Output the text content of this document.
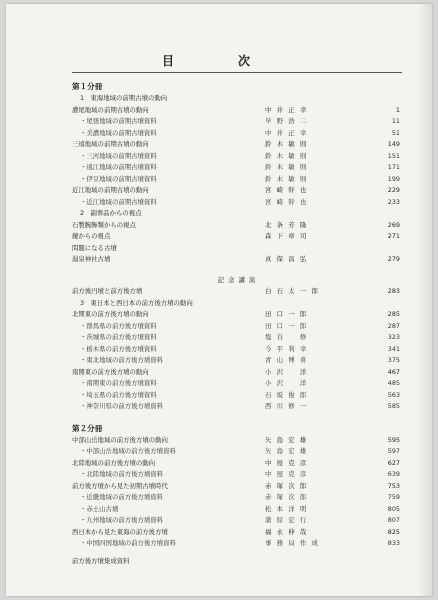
目　次
第１分冊
1　東海地域の前期古墳の動向
濃尾地域の前期古墳の動向	中 井 正 幸	1
・尾張地域の前期古墳資料	早 野 浩 二	11
・美濃地域の前期古墳資料	中 井 正 幸	51
三遠地域の前期古墳の動向	鈴 木 敏 則	149
・三河地域の前期古墳資料	鈴 木 敏 則	151
・遠江地域の前期古墳資料	鈴 木 敏 則	171
・伊豆地域の前期古墳資料	鈴 木 敏 則	199
近江地域の前期古墳の動向	宮 崎 幹 也	229
・近江地域の前期古墳資料	宮 崎 幹 也	233
2　副葬品からの視点
石製腕飾類からの視点	北 条 芳 隆	269
鏡からの視点	森 下 章 司	271
問題になる古墳
湯泉神社古墳	真 保 昌 弘	279
記 念 講 演
前方後円墳と前方後方墳	白 石 太 一 郎	283
3　東日本と西日本の前方後方墳の動向
北関東の前方後方墳の動向	田 口 一 郎	285
・群馬県の前方後方墳資料	田 口 一 郎	287
・茨城県の前方後方墳資料	塩 谷 　 修	323
・栃木県の前方後方墳資料	今 平 利 幸	341
・東北地域の前方後方墳資料	青 山 博 喜	375
南関東の前方後方墳の動向	小 沢 　 洋	467
・南関東の前方後方墳資料	小 沢 　 洋	485
・埼玉県の前方後方墳資料	石 坂 俊 郎	563
・神奈川県の前方後方墳資料	西 川 修 一	585
第２分冊
中部山岳地域の前方後方墳の動向	矢 島 宏 雄	595
・中部山岳地域の前方後方墳資料	矢 島 宏 雄	597
北陸地域の前方後方墳の動向	中 屋 克 彦	627
・北陸地域の前方後方墳資料	中 屋 克 彦	639
前方後方墳から見た初期古墳時代	赤 塚 次 郎	753
・近畿地域の前方後方墳資料	赤 塚 次 郎	759
・赤土山古墳	松 本 洋 明	805
・九州地域の前方後方墳資料	蒲 原 宏 行	807
西日本から見た東海の前方後方墳	福 永 伸 哉	825
・中国四国地域の前方後方墳資料	事 務 局 作 成	833
前方後方墳集成資料
